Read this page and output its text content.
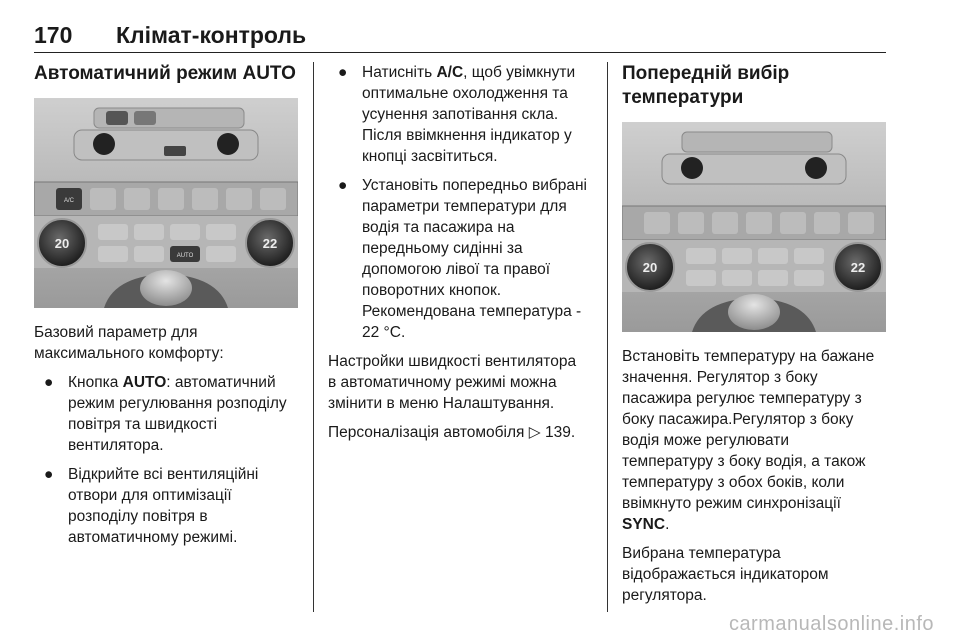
170 Клімат-контроль
Автоматичний режим AUTO
A/C
20	22
AUTO

Базовий параметр для
максимального комфорту:

● Кнопка AUTO: автоматичний
режим регулювання розподілу
повітря та швидкості
вентилятора.
● Відкрийте всі вентиляційні
отвори для оптимізації
розподілу повітря в
автоматичному режимі.
● Натисніть A/C, щоб увімкнути
оптимальне охолодження та
усунення запотівання скла.
Після ввімкнення індикатор у
кнопці засвітиться.
● Установіть попередньо вибрані
параметри температури для
водія та пасажира на
передньому сидінні за
допомогою лівої та правої
поворотних кнопок.
Рекомендована температура -
22 °C.

Настройки швидкості вентилятора
в автоматичному режимі можна
змінити в меню Налаштування.

Персоналізація автомобіля ▷ 139.

Попередній вибір температури
20	22

Встановіть температуру на бажане
значення. Регулятор з боку
пасажира регулює температуру з
боку пасажира.Регулятор з боку
водія може регулювати
температуру з боку водія, а також
температуру з обох боків, коли
ввімкнуто режим синхронізації
SYNC.

Вибрана температура
відображається індикатором
регулятора.

carmanualsonline.info
